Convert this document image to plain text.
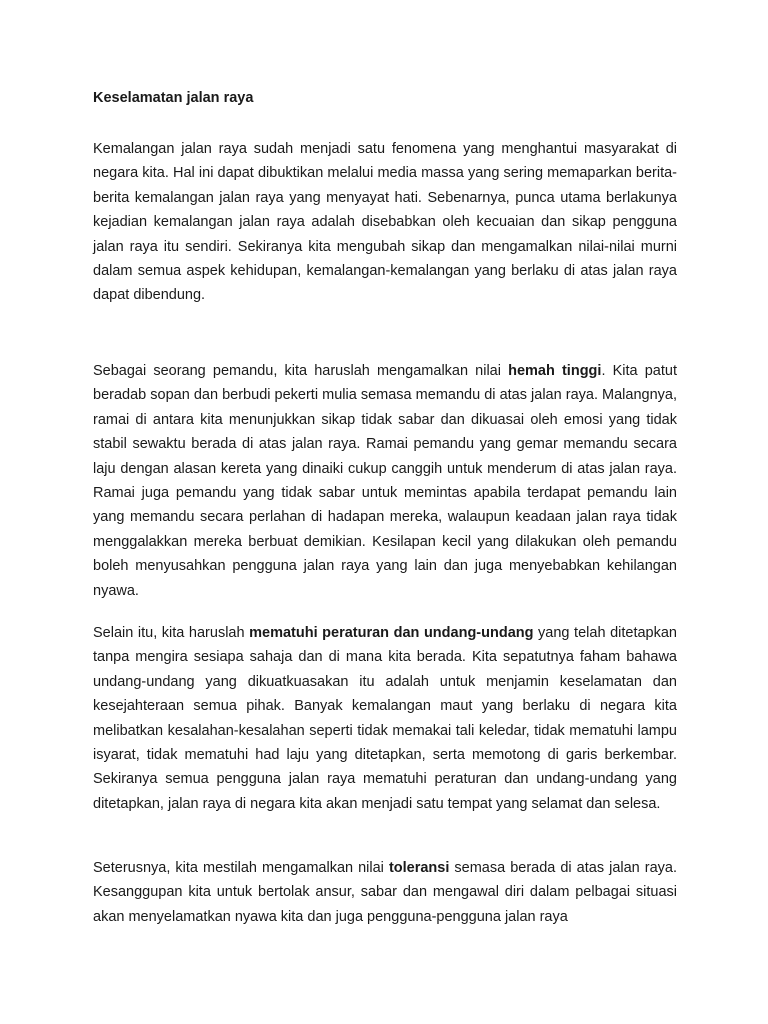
Keselamatan jalan raya

Kemalangan jalan raya sudah menjadi satu fenomena yang menghantui masyarakat di negara kita. Hal ini dapat dibuktikan melalui media massa yang sering memaparkan berita-berita kemalangan jalan raya yang menyayat hati. Sebenarnya, punca utama berlakunya kejadian kemalangan jalan raya adalah disebabkan oleh kecuaian dan sikap pengguna jalan raya itu sendiri. Sekiranya kita mengubah sikap dan mengamalkan nilai-nilai murni dalam semua aspek kehidupan, kemalangan-kemalangan yang berlaku di atas jalan raya dapat dibendung.

Sebagai seorang pemandu, kita haruslah mengamalkan nilai hemah tinggi. Kita patut beradab sopan dan berbudi pekerti mulia semasa memandu di atas jalan raya. Malangnya, ramai di antara kita menunjukkan sikap tidak sabar dan dikuasai oleh emosi yang tidak stabil sewaktu berada di atas jalan raya. Ramai pemandu yang gemar memandu secara laju dengan alasan kereta yang dinaiki cukup canggih untuk menderum di atas jalan raya. Ramai juga pemandu yang tidak sabar untuk memintas apabila terdapat pemandu lain yang memandu secara perlahan di hadapan mereka, walaupun keadaan jalan raya tidak menggalakkan mereka berbuat demikian. Kesilapan kecil yang dilakukan oleh pemandu boleh menyusahkan pengguna jalan raya yang lain dan juga menyebabkan kehilangan nyawa.

Selain itu, kita haruslah mematuhi peraturan dan undang-undang yang telah ditetapkan tanpa mengira sesiapa sahaja dan di mana kita berada. Kita sepatutnya faham bahawa undang-undang yang dikuatkuasakan itu adalah untuk menjamin keselamatan dan kesejahteraan semua pihak. Banyak kemalangan maut yang berlaku di negara kita melibatkan kesalahan-kesalahan seperti tidak memakai tali keledar, tidak mematuhi lampu isyarat, tidak mematuhi had laju yang ditetapkan, serta memotong di garis berkembar. Sekiranya semua pengguna jalan raya mematuhi peraturan dan undang-undang yang ditetapkan, jalan raya di negara kita akan menjadi satu tempat yang selamat dan selesa.

Seterusnya, kita mestilah mengamalkan nilai toleransi semasa berada di atas jalan raya. Kesanggupan kita untuk bertolak ansur, sabar dan mengawal diri dalam pelbagai situasi akan menyelamatkan nyawa kita dan juga pengguna-pengguna jalan raya
